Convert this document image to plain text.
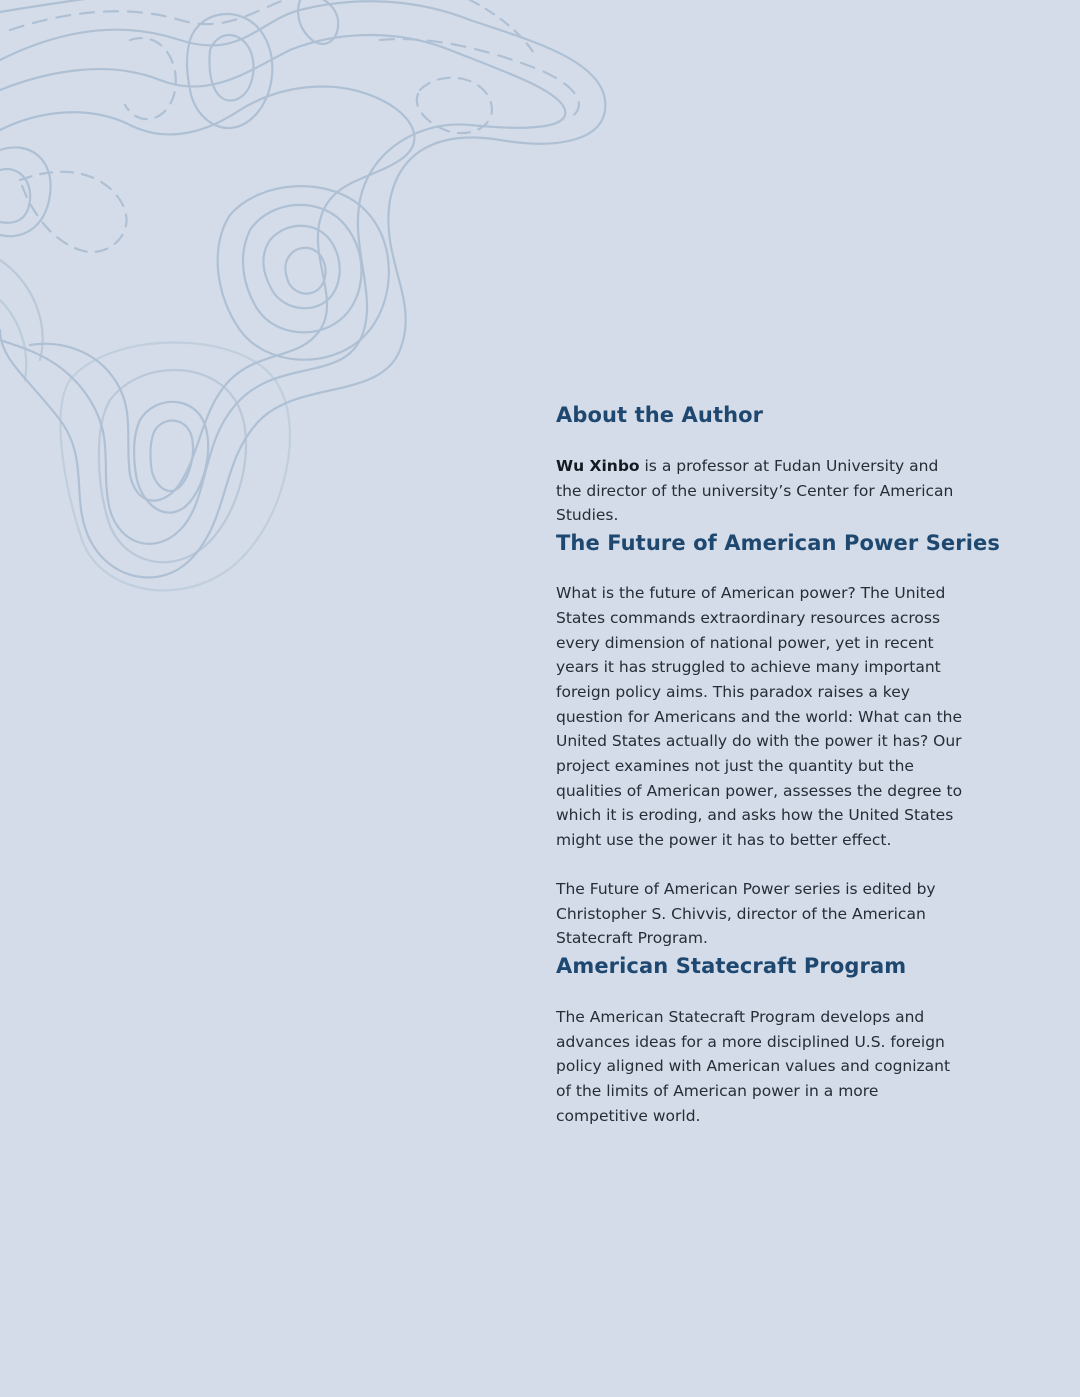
About the Author

Wu Xinbo is a professor at Fudan University and the director of the university’s Center for American Studies.

The Future of American Power Series

What is the future of American power? The United States commands extraordinary resources across every dimension of national power, yet in recent years it has struggled to achieve many important foreign policy aims. This paradox raises a key question for Americans and the world: What can the United States actually do with the power it has? Our project examines not just the quantity but the qualities of American power, assesses the degree to which it is eroding, and asks how the United States might use the power it has to better effect.

The Future of American Power series is edited by Christopher S. Chivvis, director of the American Statecraft Program.

American Statecraft Program

The American Statecraft Program develops and advances ideas for a more disciplined U.S. foreign policy aligned with American values and cognizant of the limits of American power in a more competitive world.
